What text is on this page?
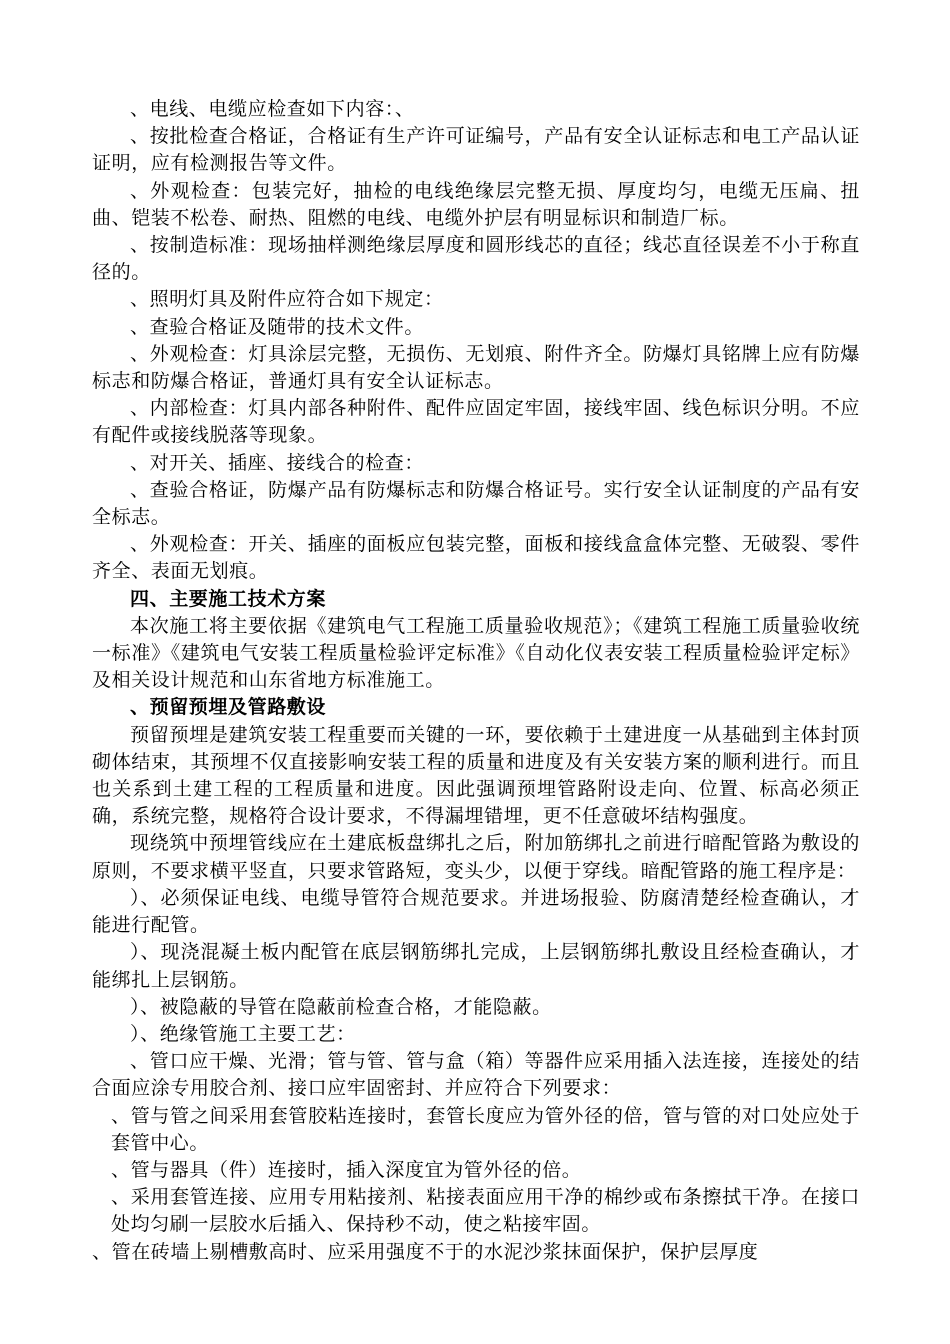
、电线、电缆应检查如下内容：、

、按批检查合格证，合格证有生产许可证编号，产品有安全认证标志和电工产品认证证明，应有检测报告等文件。

、外观检查：包装完好，抽检的电线绝缘层完整无损、厚度均匀，电缆无压扁、扭曲、铠装不松卷、耐热、阻燃的电线、电缆外护层有明显标识和制造厂标。

、按制造标准：现场抽样测绝缘层厚度和圆形线芯的直径；线芯直径误差不小于称直径的。

、照明灯具及附件应符合如下规定：

、查验合格证及随带的技术文件。

、外观检查：灯具涂层完整，无损伤、无划痕、附件齐全。防爆灯具铭牌上应有防爆标志和防爆合格证，普通灯具有安全认证标志。

、内部检查：灯具内部各种附件、配件应固定牢固，接线牢固、线色标识分明。不应有配件或接线脱落等现象。

、对开关、插座、接线合的检查：

、查验合格证，防爆产品有防爆标志和防爆合格证号。实行安全认证制度的产品有安全标志。

、外观检查：开关、插座的面板应包装完整，面板和接线盒盒体完整、无破裂、零件齐全、表面无划痕。

四、主要施工技术方案

本次施工将主要依据《建筑电气工程施工质量验收规范》；《建筑工程施工质量验收统一标准》《建筑电气安装工程质量检验评定标准》《自动化仪表安装工程质量检验评定标》及相关设计规范和山东省地方标准施工。

、预留预埋及管路敷设

预留预埋是建筑安装工程重要而关键的一环，要依赖于土建进度一从基础到主体封顶砌体结束，其预埋不仅直接影响安装工程的质量和进度及有关安装方案的顺利进行。而且也关系到土建工程的工程质量和进度。因此强调预埋管路附设走向、位置、标高必须正确，系统完整，规格符合设计要求，不得漏埋错埋，更不任意破坏结构强度。

现绕筑中预埋管线应在土建底板盘绑扎之后，附加筋绑扎之前进行暗配管路为敷设的原则，不要求横平竖直，只要求管路短，变头少，以便于穿线。暗配管路的施工程序是：

）、必须保证电线、电缆导管符合规范要求。并进场报验、防腐清楚经检查确认，才能进行配管。

）、现浇混凝土板内配管在底层钢筋绑扎完成，上层钢筋绑扎敷设且经检查确认，才能绑扎上层钢筋。

）、被隐蔽的导管在隐蔽前检查合格，才能隐蔽。

）、绝缘管施工主要工艺：

、管口应干燥、光滑；管与管、管与盒（箱）等器件应采用插入法连接，连接处的结合面应涂专用胶合剂、接口应牢固密封、并应符合下列要求：

、管与管之间采用套管胶粘连接时，套管长度应为管外径的倍，管与管的对口处应处于套管中心。

、管与器具（件）连接时，插入深度宜为管外径的倍。

、采用套管连接、应用专用粘接剂、粘接表面应用干净的棉纱或布条擦拭干净。在接口处均匀刷一层胶水后插入、保持秒不动，使之粘接牢固。

、管在砖墙上剔槽敷高时、应采用强度不于的水泥沙浆抹面保护，保护层厚度
